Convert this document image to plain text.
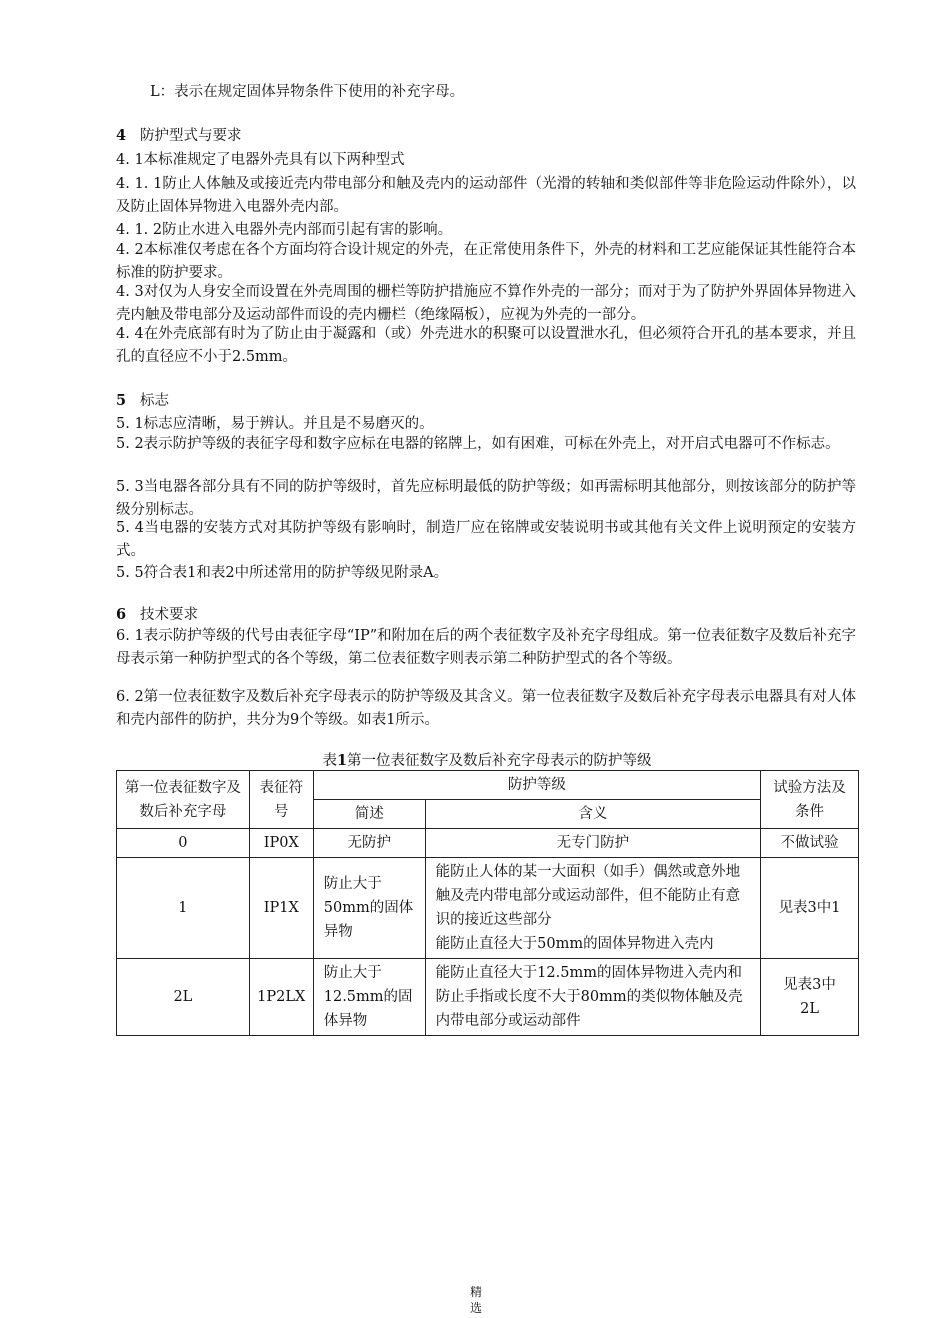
L：表示在规定固体异物条件下使用的补充字母。
4 防护型式与要求
4. 1本标准规定了电器外壳具有以下两种型式
4. 1. 1防止人体触及或接近壳内带电部分和触及壳内的运动部件（光滑的转轴和类似部件等非危险运动件除外），以及防止固体异物进入电器外壳内部。
4. 1. 2防止水进入电器外壳内部而引起有害的影响。
4. 2本标准仅考虑在各个方面均符合设计规定的外壳，在正常使用条件下，外壳的材料和工艺应能保证其性能符合本标准的防护要求。
4. 3对仅为人身安全而设置在外壳周围的栅栏等防护措施应不算作外壳的一部分；而对于为了防护外界固体异物进入壳内触及带电部分及运动部件而设的壳内栅栏（绝缘隔板），应视为外壳的一部分。
4. 4在外壳底部有时为了防止由于凝露和（或）外壳进水的积聚可以设置泄水孔，但必须符合开孔的基本要求，并且孔的直径应不小于2.5mm。
5 标志
5. 1标志应清晰，易于辨认。并且是不易磨灭的。
5. 2表示防护等级的表征字母和数字应标在电器的铭牌上，如有困难，可标在外壳上，对开启式电器可不作标志。
5. 3当电器各部分具有不同的防护等级时，首先应标明最低的防护等级；如再需标明其他部分，则按该部分的防护等级分别标志。
5. 4当电器的安装方式对其防护等级有影响时，制造厂应在铭牌或安装说明书或其他有关文件上说明预定的安装方式。
5. 5符合表1和表2中所述常用的防护等级见附录A。
6 技术要求
6. 1表示防护等级的代号由表征字母“IP”和附加在后的两个表征数字及补充字母组成。第一位表征数字及数后补充字母表示第一种防护型式的各个等级，第二位表征数字则表示第二种防护型式的各个等级。
6. 2第一位表征数字及数后补充字母表示的防护等级及其含义。第一位表征数字及数后补充字母表示电器具有对人体和壳内部件的防护，共分为9个等级。如表1所示。
表1第一位表征数字及数后补充字母表示的防护等级
第一位表征数字及数后补充字母	表征符号	防护等级		试验方法及条件
		简述	含义	
0	IP0X	无防护	无专门防护	不做试验
1	IP1X	防止大于50mm的固体异物	能防止人体的某一大面积（如手）偶然或意外地触及壳内带电部分或运动部件，但不能防止有意识的接近这些部分
能防止直径大于50mm的固体异物进入壳内	见表3中1
2L	1P2LX	防止大于12.5mm的固体异物	能防止直径大于12.5mm的固体异物进入壳内和防止手指或长度不大于80mm的类似物体触及壳内带电部分或运动部件	见表3中2L
精
选
